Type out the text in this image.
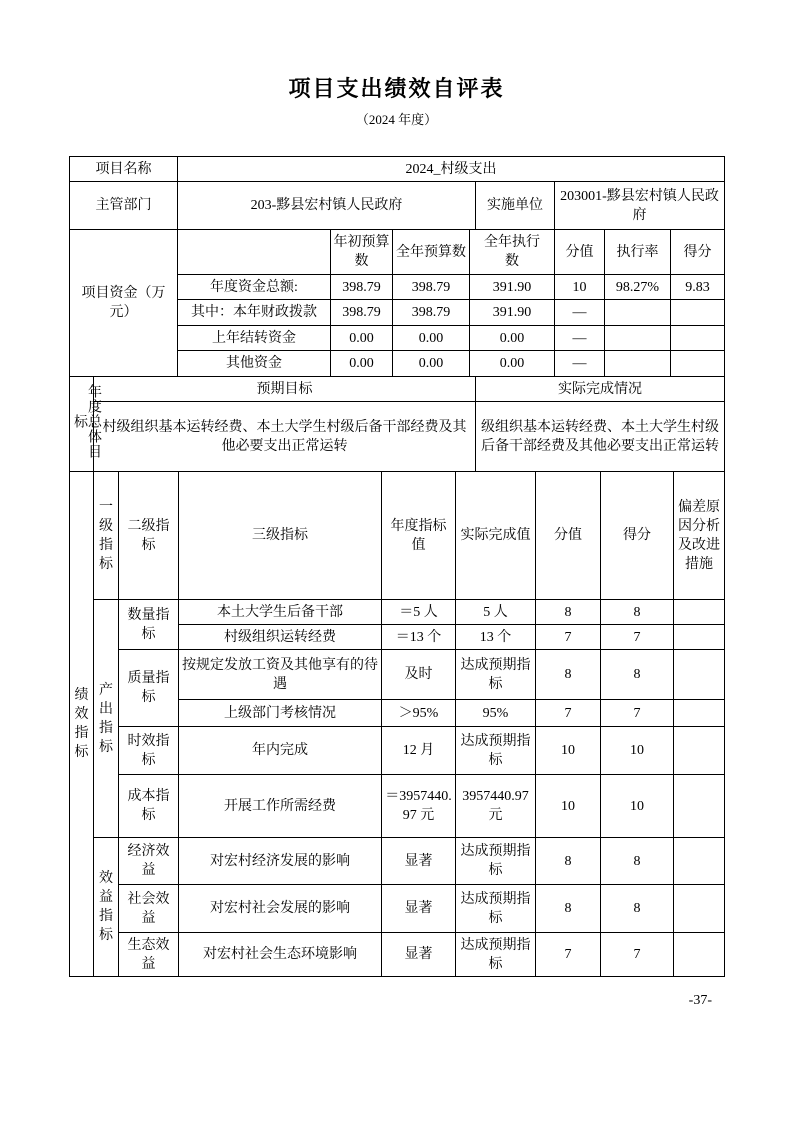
项目支出绩效自评表
（2024 年度）
项目名称	2024_村级支出		
主管部门	203-黟县宏村镇人民政府	实施单位	203001-黟县宏村镇人民政府
项目资金（万元）		年初预算数	全年预算数	全年执行数	分值	执行率	得分
	年度资金总额:	398.79	398.79	391.90	10	98.27%	9.83
	其中：本年财政拨款	398.79	398.79	391.90	—		
	上年结转资金	0.00	0.00	0.00	—		
	其他资金	0.00	0.00	0.00	—		
年度总体目标	预期目标	实际完成情况
	村级组织基本运转经费、本土大学生村级后备干部经费及其他必要支出正常运转	级组织基本运转经费、本土大学生村级后备干部经费及其他必要支出正常运转
绩效指标	一级指标	二级指标	三级指标	年度指标值	实际完成值	分值	得分	偏差原因分析及改进措施
	产出指标	数量指标	本土大学生后备干部	＝5 人	5 人	8	8	
			村级组织运转经费	＝13 个	13 个	7	7	
		质量指标	按规定发放工资及其他享有的待遇	及时	达成预期指标	8	8	
			上级部门考核情况	＞95%	95%	7	7	
		时效指标	年内完成	12 月	达成预期指标	10	10	
		成本指标	开展工作所需经费	＝3957440.97 元	3957440.97 元	10	10	
	效益指标	经济效益	对宏村经济发展的影响	显著	达成预期指标	8	8	
		社会效益	对宏村社会发展的影响	显著	达成预期指标	8	8	
		生态效益	对宏村社会生态环境影响	显著	达成预期指标	7	7	
-37-
